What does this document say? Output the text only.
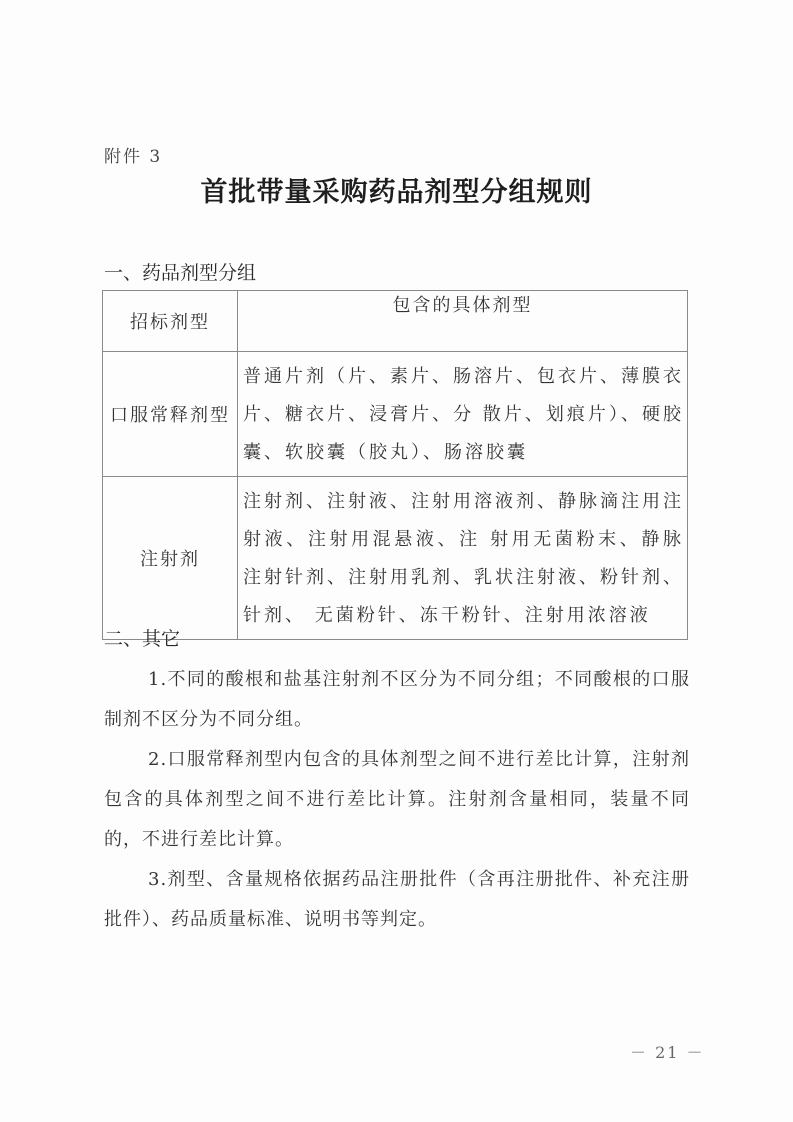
附件 3
首批带量采购药品剂型分组规则
一、药品剂型分组
招标剂型	包含的具体剂型
口服常释剂型	普通片剂（片、素片、肠溶片、包衣片、薄膜衣片、糖衣片、浸膏片、分 散片、划痕片）、硬胶囊、软胶囊（胶丸）、肠溶胶囊

注射剂	注射剂、注射液、注射用溶液剂、静脉滴注用注射液、注射用混悬液、注 射用无菌粉末、静脉注射针剂、注射用乳剂、乳状注射液、粉针剂、针剂、 无菌粉针、冻干粉针、注射用浓溶液
二、其它

1.不同的酸根和盐基注射剂不区分为不同分组；不同酸根的口服制剂不区分为不同分组。

2.口服常释剂型内包含的具体剂型之间不进行差比计算，注射剂包含的具体剂型之间不进行差比计算。注射剂含量相同，装量不同的，不进行差比计算。

3.剂型、含量规格依据药品注册批件（含再注册批件、补充注册批件）、药品质量标准、说明书等判定。

－ 21 －
